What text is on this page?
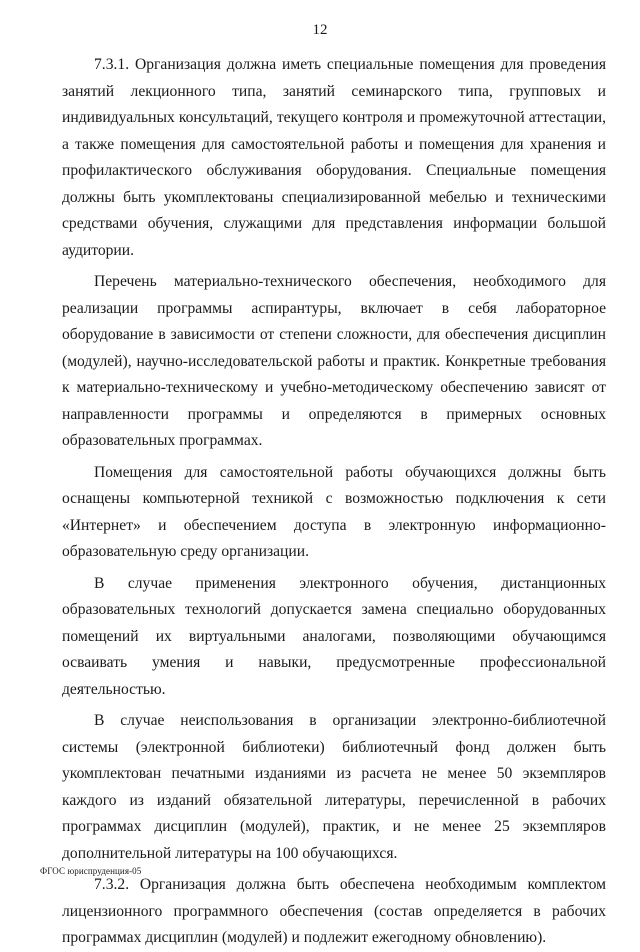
12

7.3.1. Организация должна иметь специальные помещения для проведения занятий лекционного типа, занятий семинарского типа, групповых и индивидуальных консультаций, текущего контроля и промежуточной аттестации, а также помещения для самостоятельной работы и помещения для хранения и профилактического обслуживания оборудования. Специальные помещения должны быть укомплектованы специализированной мебелью и техническими средствами обучения, служащими для представления информации большой аудитории.

Перечень материально-технического обеспечения, необходимого для реализации программы аспирантуры, включает в себя лабораторное оборудование в зависимости от степени сложности, для обеспечения дисциплин (модулей), научно-исследовательской работы и практик. Конкретные требования к материально-техническому и учебно-методическому обеспечению зависят от направленности программы и определяются в примерных основных образовательных программах.

Помещения для самостоятельной работы обучающихся должны быть оснащены компьютерной техникой с возможностью подключения к сети «Интернет» и обеспечением доступа в электронную информационно-образовательную среду организации.

В случае применения электронного обучения, дистанционных образовательных технологий допускается замена специально оборудованных помещений их виртуальными аналогами, позволяющими обучающимся осваивать умения и навыки, предусмотренные профессиональной деятельностью.

В случае неиспользования в организации электронно-библиотечной системы (электронной библиотеки) библиотечный фонд должен быть укомплектован печатными изданиями из расчета не менее 50 экземпляров каждого из изданий обязательной литературы, перечисленной в рабочих программах дисциплин (модулей), практик, и не менее 25 экземпляров дополнительной литературы на 100 обучающихся.

7.3.2. Организация должна быть обеспечена необходимым комплектом лицензионного программного обеспечения (состав определяется в рабочих программах дисциплин (модулей) и подлежит ежегодному обновлению).

ФГОС юриспруденция-05
